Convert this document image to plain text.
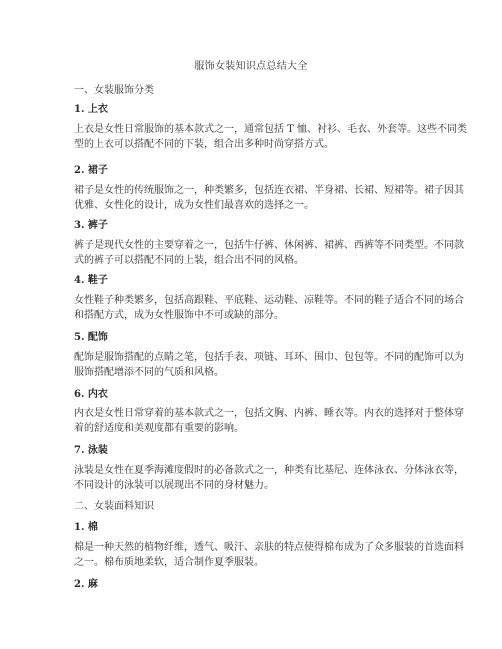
服饰女装知识点总结大全
一、女装服饰分类
1. 上衣
上衣是女性日常服饰的基本款式之一，通常包括 T 恤、衬衫、毛衣、外套等。这些不同类
型的上衣可以搭配不同的下装，组合出多种时尚穿搭方式。
2. 裙子
裙子是女性的传统服饰之一，种类繁多，包括连衣裙、半身裙、长裙、短裙等。裙子因其
优雅、女性化的设计，成为女性们最喜欢的选择之一。
3. 裤子
裤子是现代女性的主要穿着之一，包括牛仔裤、休闲裤、裙裤、西裤等不同类型。不同款
式的裤子可以搭配不同的上装，组合出不同的风格。
4. 鞋子
女性鞋子种类繁多，包括高跟鞋、平底鞋、运动鞋、凉鞋等。不同的鞋子适合不同的场合
和搭配方式，成为女性服饰中不可或缺的部分。
5. 配饰
配饰是服饰搭配的点睛之笔，包括手表、项链、耳环、围巾、包包等。不同的配饰可以为
服饰搭配增添不同的气质和风格。
6. 内衣
内衣是女性日常穿着的基本款式之一，包括文胸、内裤、睡衣等。内衣的选择对于整体穿
着的舒适度和美观度都有重要的影响。
7. 泳装
泳装是女性在夏季海滩度假时的必备款式之一，种类有比基尼、连体泳衣、分体泳衣等，
不同设计的泳装可以展现出不同的身材魅力。
二、女装面料知识
1. 棉
棉是一种天然的植物纤维，透气、吸汗、亲肤的特点使得棉布成为了众多服装的首选面料
之一。棉布质地柔软，适合制作夏季服装。
2. 麻
